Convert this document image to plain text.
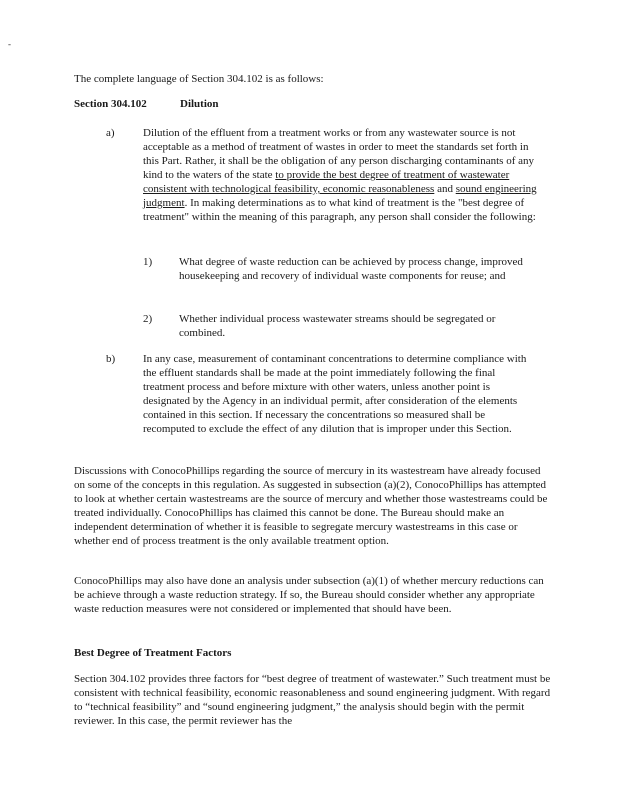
-
The complete language of Section 304.102 is as follows:
Section 304.102	Dilution
a)	Dilution of the effluent from a treatment works or from any wastewater source is not acceptable as a method of treatment of wastes in order to meet the standards set forth in this Part. Rather, it shall be the obligation of any person discharging contaminants of any kind to the waters of the state to provide the best degree of treatment of wastewater consistent with technological feasibility, economic reasonableness and sound engineering judgment. In making determinations as to what kind of treatment is the "best degree of treatment" within the meaning of this paragraph, any person shall consider the following:
1)	What degree of waste reduction can be achieved by process change, improved housekeeping and recovery of individual waste components for reuse; and
2)	Whether individual process wastewater streams should be segregated or combined.
b)	In any case, measurement of contaminant concentrations to determine compliance with the effluent standards shall be made at the point immediately following the final treatment process and before mixture with other waters, unless another point is designated by the Agency in an individual permit, after consideration of the elements contained in this section. If necessary the concentrations so measured shall be recomputed to exclude the effect of any dilution that is improper under this Section.
Discussions with ConocoPhillips regarding the source of mercury in its wastestream have already focused on some of the concepts in this regulation. As suggested in subsection (a)(2), ConocoPhillips has attempted to look at whether certain wastestreams are the source of mercury and whether those wastestreams could be treated individually. ConocoPhillips has claimed this cannot be done. The Bureau should make an independent determination of whether it is feasible to segregate mercury wastestreams in this case or whether end of process treatment is the only available treatment option.
ConocoPhillips may also have done an analysis under subsection (a)(1) of whether mercury reductions can be achieve through a waste reduction strategy. If so, the Bureau should consider whether any appropriate waste reduction measures were not considered or implemented that should have been.
Best Degree of Treatment Factors
Section 304.102 provides three factors for “best degree of treatment of wastewater.” Such treatment must be consistent with technical feasibility, economic reasonableness and sound engineering judgment. With regard to “technical feasibility” and “sound engineering judgment,” the analysis should begin with the permit reviewer. In this case, the permit reviewer has the
